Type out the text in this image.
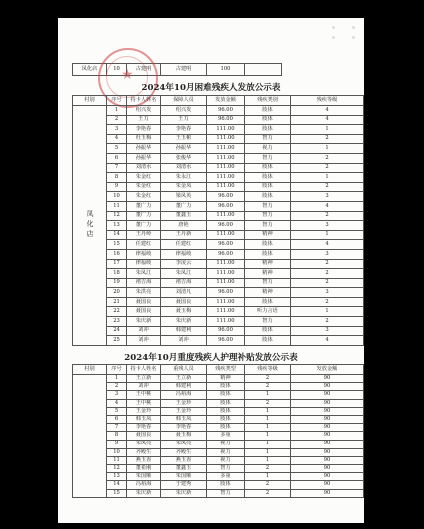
凤化店	10	古建明	古建明	100	
★
2024年10月困难残疾人发放公示表
村别	序号	持卡人姓名	保障人员	发放金额	残疾类别	残疾等级
凤化店	1	绍兴发	绍兴发	96.00	肢体	4
	2	王力	王力	96.00	肢体	4
	3	李艳春	李艳春	111.00	肢体	1
	4	杜玉梅	王玉彬	111.00	智力	2
	5	孙振华	孙振华	111.00	视力	1
	6	孙振华	张俊华	111.00	智力	2
	7	刘清水	刘清水	111.00	肢体	2
	8	朱金红	朱永江	111.00	肢体	1
	9	朱金红	朱金凤	111.00	肢体	2
	10	朱金红	梁凤英	96.00	肢体	3
	11	董广力	董广力	96.00	智力	4
	12	董广力	董鑫玉	111.00	智力	2
	13	董广力	唐艳	96.00	智力	3
	14	王丹岭	王丹新	111.00	精神	1
	15	任建红	任建红	96.00	肢体	4
	16	律福岐	律福岐	96.00	肢体	3
	17	律福岐	李凌云	111.00	精神	2
	18	朱凤江	朱凤江	111.00	精神	2
	19	褚吉海	褚吉海	111.00	智力	2
	20	朱洪亮	刘清凡	96.00	精神	3
	21	聂国良	聂国良	111.00	肢体	2
	22	聂国良	聂玉梅	111.00	听力言语	1
	23	朱庆新	朱庆新	111.00	智力	2
	24	刘冲	韩建利	96.00	肢体	3
	25	刘冲	刘冲	96.00	肢体	4
2024年10月重度残疾人护理补贴发放公示表
村别	序号	持卡人姓名	重残人员	残疾类型	残疾等级	发放金额
	1	王立新	王立新	精神	2	90
	2	刘冲	韩建利	肢体	2	90
	3	王中桃	冯裕海	肢体	1	90
	4	王中桃	王金珍	肢体	2	90
	5	王金玲	王金玲	肢体	1	90
	6	韩玉凤	韩玉凤	肢体	1	90
	7	李艳春	李艳春	肢体	1	90
	8	聂国良	聂玉梅	多重	1	90
	9	朱凤亮	朱凤亮	视力	1	90
	10	齐殿生	齐殿生	视力	1	90
	11	燕玉香	燕玉香	视力	1	90
	12	董希刚	董鑫玉	智力	2	90
	13	朱国顺	朱国顺	多重	1	90
	14	冯裕海	于建秀	肢体	2	90
	15	朱庆新	朱庆新	智力	2	90
